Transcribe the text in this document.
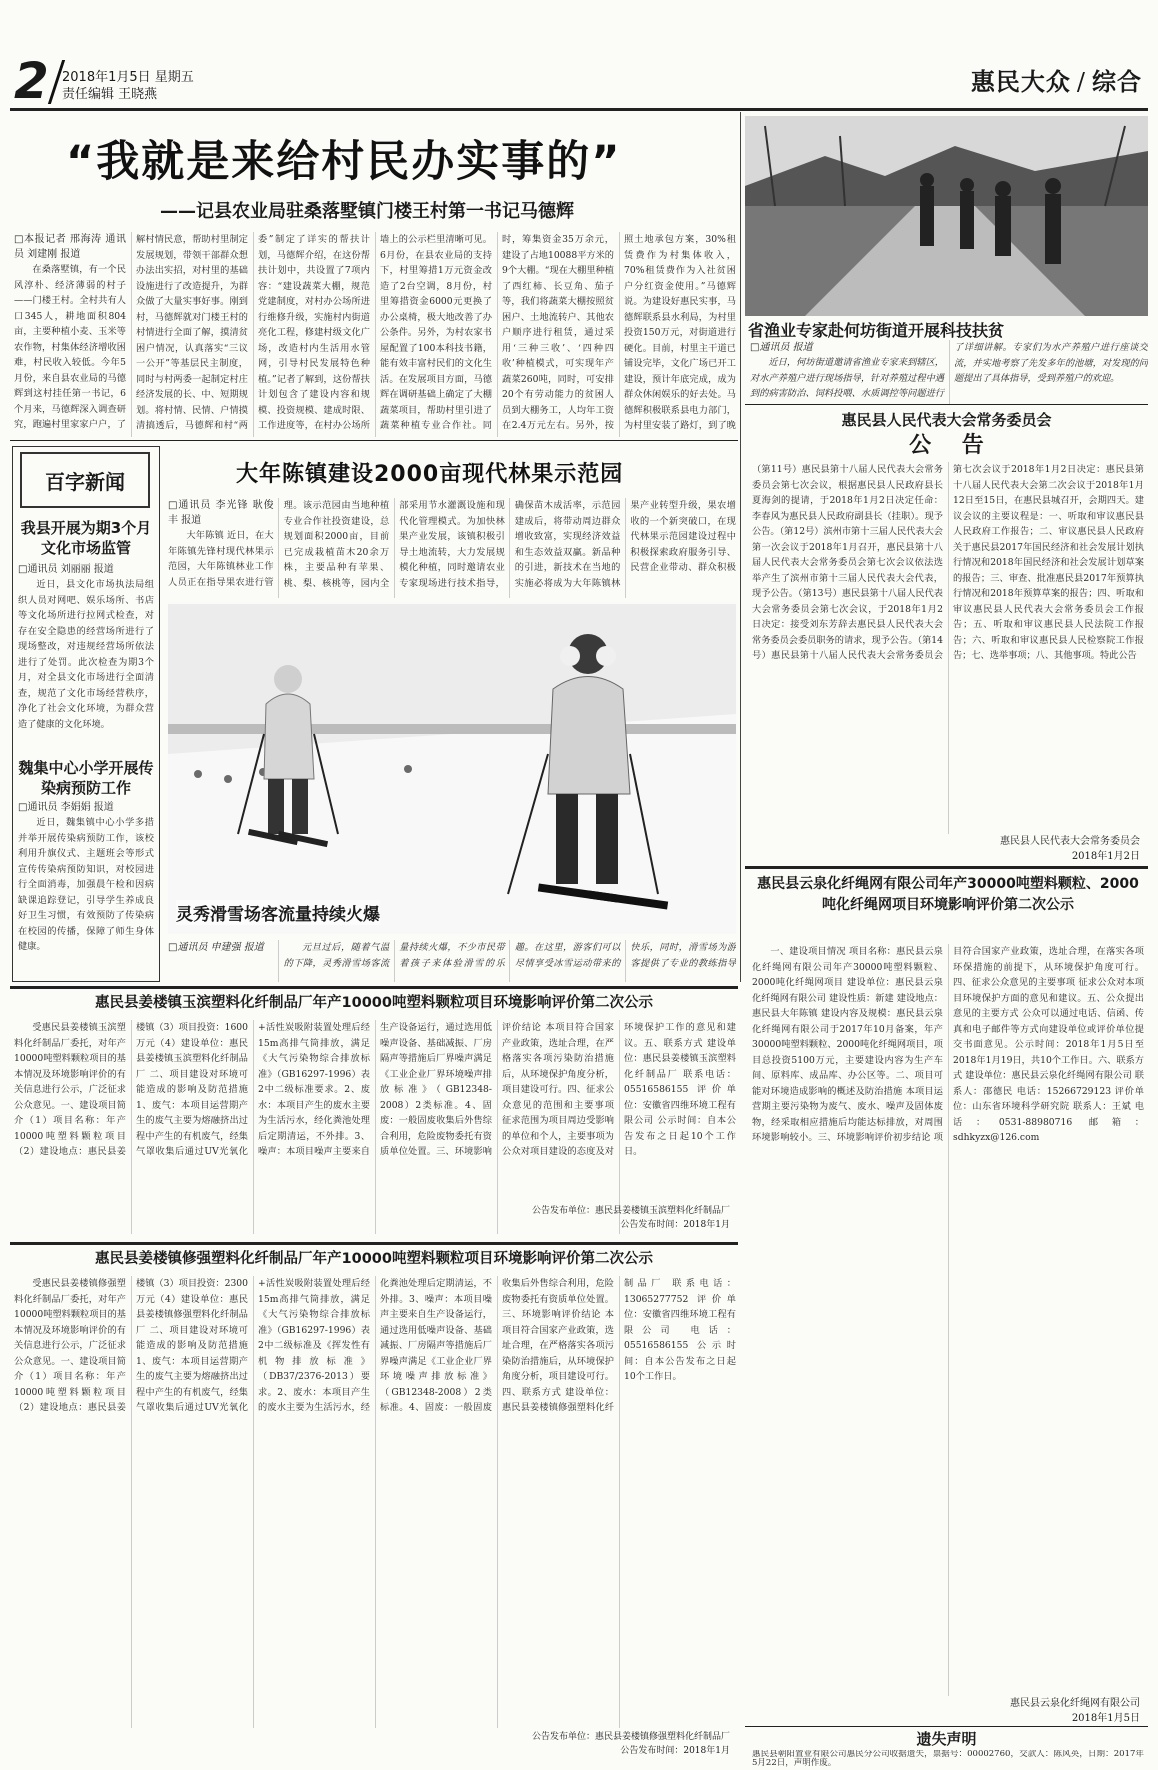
2 2018年1月5日 星期五
责任编辑 王晓燕	惠民大众 / 综合
“我就是来给村民办实事的”
——记县农业局驻桑落墅镇门楼王村第一书记马德辉
□本报记者 邢海涛 通讯员 刘建刚 报道

在桑落墅镇，有一个民风淳朴、经济薄弱的村子——门楼王村。全村共有人口345人，耕地面积804亩，主要种植小麦、玉米等农作物，村集体经济增收困难，村民收入较低。今年5月份，来自县农业局的马德辉到这村挂任第一书记，6个月来，马德辉深入调查研究，跑遍村里家家户户，了解村情民意，帮助村里制定发展规划，带领干部群众想办法出实招，对村里的基础设施进行了改造提升，为群众做了大量实事好事。刚到村，马德辉就对门楼王村的村情进行全面了解，摸清贫困户情况，认真落实“三议一公开”等基层民主制度，同时与村两委一起制定村庄经济发展的长、中、短期规划。将村情、民情、户情摸清搞透后，马德辉和村“两委”制定了详实的帮扶计划，马德辉介绍，在这份帮扶计划中，共设置了7项内容：“建设蔬菜大棚，规范党建制度，对村办公场所进行维修升级，实施村内街道亮化工程，修建村级文化广场，改造村内生活用水管网，引导村民发展特色种植。”记者了解到，这份帮扶计划包含了建设内容和规模、投资规模、建成时限、工作进度等，在村办公场所墙上的公示栏里清晰可见。6月份，在县农业局的支持下，村里筹措1万元资金改造了2台空调，8月份，村里筹措资金6000元更换了办公桌椅，极大地改善了办公条件。另外，为村农家书屋配置了100本科技书籍，能有效丰富村民们的文化生活。在发展项目方面，马德辉在调研基础上确定了大棚蔬菜项目，帮助村里引进了蔬菜种植专业合作社。同时，筹集资金35万余元，建设了占地10088平方米的9个大棚。“现在大棚里种植了西红柿、长豆角、茄子等，我们将蔬菜大棚按照贫困户、土地流转户、其他农户顺序进行租赁，通过采用‘三种三收’、‘四种四收’种植模式，可实现年产蔬菜260吨，同时，可安排20个有劳动能力的贫困人员到大棚务工，人均年工资在2.4万元左右。另外，按照土地承包方案，30%租赁费作为村集体收入，70%租赁费作为入社贫困户分红资金使用。”马德辉说。为建设好惠民实事，马德辉联系县水利局，为村里投资150万元，对街道进行硬化。目前，村里主干道已铺设完毕，文化广场已开工建设，预计年底完成，成为群众休闲娱乐的好去处。马德辉积极联系县电力部门，为村里安装了路灯，到了晚

省渔业专家赴何坊街道开展科技扶贫
□通讯员 报道

近日，何坊街道邀请省渔业专家来到辖区，对水产养殖户进行现场指导，针对养殖过程中遇到的病害防治、饲料投喂、水质调控等问题进行了详细讲解。专家们为水产养殖户进行座谈交流，并实地考察了先发多年的池塘，对发现的问题提出了具体指导，受到养殖户的欢迎。

惠民县人民代表大会常务委员会
公    告

（第11号）惠民县第十八届人民代表大会常务委员会第七次会议，根据惠民县人民政府县长夏海剑的提请，于2018年1月2日决定任命：李春风为惠民县人民政府副县长（挂职）。现予公告。（第12号）滨州市第十三届人民代表大会第一次会议于2018年1月召开，惠民县第十八届人民代表大会常务委员会第七次会议依法选举产生了滨州市第十三届人民代表大会代表，现予公告。（第13号）惠民县第十八届人民代表大会常务委员会第七次会议，于2018年1月2日决定：接受刘东芳辞去惠民县人民代表大会常务委员会委员职务的请求，现予公告。（第14号）惠民县第十八届人民代表大会常务委员会第七次会议于2018年1月2日决定：惠民县第十八届人民代表大会第二次会议于2018年1月12日至15日，在惠民县城召开，会期四天。建议会议的主要议程是：一、听取和审议惠民县人民政府工作报告；二、审议惠民县人民政府关于惠民县2017年国民经济和社会发展计划执行情况和2018年国民经济和社会发展计划草案的报告；三、审查、批准惠民县2017年预算执行情况和2018年预算草案的报告；四、听取和审议惠民县人民代表大会常务委员会工作报告；五、听取和审议惠民县人民法院工作报告；六、听取和审议惠民县人民检察院工作报告；七、选举事项；八、其他事项。特此公告

惠民县人民代表大会常务委员会
2018年1月2日
惠民县云泉化纤绳网有限公司年产30000吨塑料颗粒、2000吨化纤绳网项目环境影响评价第二次公示

一、建设项目情况 项目名称：惠民县云泉化纤绳网有限公司年产30000吨塑料颗粒、2000吨化纤绳网项目 建设单位：惠民县云泉化纤绳网有限公司 建设性质：新建 建设地点：惠民县大年陈镇 建设内容及规模：惠民县云泉化纤绳网有限公司于2017年10月备案，年产30000吨塑料颗粒、2000吨化纤绳网项目，项目总投资5100万元，主要建设内容为生产车间、原料库、成品库、办公区等。二、项目可能对环境造成影响的概述及防治措施 本项目运营期主要污染物为废气、废水、噪声及固体废物，经采取相应措施后均能达标排放，对周围环境影响较小。三、环境影响评价初步结论 项目符合国家产业政策，选址合理，在落实各项环保措施的前提下，从环境保护角度可行。四、征求公众意见的主要事项 征求公众对本项目环境保护方面的意见和建议。五、公众提出意见的主要方式 公众可以通过电话、信函、传真和电子邮件等方式向建设单位或评价单位提交书面意见。公示时间：2018年1月5日至2018年1月19日，共10个工作日。六、联系方式 建设单位：惠民县云泉化纤绳网有限公司 联系人：邵德民 电话：15266729123 评价单位：山东省环境科学研究院 联系人：王斌 电话：0531-88980716 邮箱：sdhkyzx@126.com

惠民县云泉化纤绳网有限公司
2018年1月5日
遗失声明
惠民县朝阳置业有限公司惠民分公司收据遗失，票据号：00002760，交款人：陈风英，日期：2017年5月22日，声明作废。
百字新闻
我县开展为期3个月文化市场监管
□通讯员 刘丽丽 报道

近日，县文化市场执法局组织人员对网吧、娱乐场所、书店等文化场所进行拉网式检查，对存在安全隐患的经营场所进行了现场整改，对违规经营场所依法进行了处罚。此次检查为期3个月，对全县文化市场进行全面清查，规范了文化市场经营秩序，净化了社会文化环境，为群众营造了健康的文化环境。

魏集中心小学开展传染病预防工作
□通讯员 李娟娟 报道

近日，魏集镇中心小学多措并举开展传染病预防工作，该校利用升旗仪式、主题班会等形式宣传传染病预防知识，对校园进行全面消毒，加强晨午检和因病缺课追踪登记，引导学生养成良好卫生习惯，有效预防了传染病在校园的传播，保障了师生身体健康。

大年陈镇建设2000亩现代林果示范园
□通讯员 李光锋 耿俊丰 报道

大年陈镇 近日，在大年陈镇先锋村现代林果示范园，大年陈镇林业工作人员正在指导果农进行管理。该示范园由当地种植专业合作社投资建设，总规划面积2000亩，目前已完成栽植苗木20余万株，主要品种有苹果、桃、梨、核桃等，园内全部采用节水灌溉设施和现代化管理模式。为加快林果产业发展，该镇积极引导土地流转，大力发展规模化种植，同时邀请农业专家现场进行技术指导，确保苗木成活率，示范园建成后，将带动周边群众增收致富，实现经济效益和生态效益双赢。新品种的引进，新技术在当地的实施必将成为大年陈镇林果产业转型升级，果农增收的一个新突破口，在现代林果示范园建设过程中积极探索政府服务引导、民营企业带动、群众积极

灵秀滑雪场客流量持续火爆
□通讯员 申建强 报道	元旦过后，随着气温的下降，灵秀滑雪场客流量持续火爆，不少市民带着孩子来体验滑雪的乐趣。在这里，游客们可以尽情享受冰雪运动带来的快乐，同时，滑雪场为游客提供了专业的教练指导

惠民县姜楼镇玉滨塑料化纤制品厂年产10000吨塑料颗粒项目环境影响评价第二次公示

受惠民县姜楼镇玉滨塑料化纤制品厂委托，对年产10000吨塑料颗粒项目的基本情况及环境影响评价的有关信息进行公示，广泛征求公众意见。一、建设项目简介（1）项目名称：年产10000吨塑料颗粒项目（2）建设地点：惠民县姜楼镇（3）项目投资：1600万元（4）建设单位：惠民县姜楼镇玉滨塑料化纤制品厂 二、项目建设对环境可能造成的影响及防范措施 1、废气：本项目运营期产生的废气主要为熔融挤出过程中产生的有机废气，经集气罩收集后通过UV光氧化+活性炭吸附装置处理后经15m高排气筒排放，满足《大气污染物综合排放标准》（GB16297-1996）表2中二级标准要求。2、废水：本项目产生的废水主要为生活污水，经化粪池处理后定期清运，不外排。3、噪声：本项目噪声主要来自生产设备运行，通过选用低噪声设备、基础减振、厂房隔声等措施后厂界噪声满足《工业企业厂界环境噪声排放标准》（GB12348-2008）2类标准。4、固废：一般固废收集后外售综合利用，危险废物委托有资质单位处置。三、环境影响评价结论 本项目符合国家产业政策，选址合理，在严格落实各项污染防治措施后，从环境保护角度分析，项目建设可行。四、征求公众意见的范围和主要事项 征求范围为项目周边受影响的单位和个人，主要事项为公众对项目建设的态度及对环境保护工作的意见和建议。五、联系方式 建设单位：惠民县姜楼镇玉滨塑料化纤制品厂 联系电话：05516586155 评价单位：安徽省四维环境工程有限公司 公示时间：自本公告发布之日起10个工作日。

公告发布单位：惠民县姜楼镇玉滨塑料化纤制品厂
公告发布时间：2018年1月
惠民县姜楼镇修强塑料化纤制品厂年产10000吨塑料颗粒项目环境影响评价第二次公示

受惠民县姜楼镇修强塑料化纤制品厂委托，对年产10000吨塑料颗粒项目的基本情况及环境影响评价的有关信息进行公示，广泛征求公众意见。一、建设项目简介（1）项目名称：年产10000吨塑料颗粒项目（2）建设地点：惠民县姜楼镇（3）项目投资：2300万元（4）建设单位：惠民县姜楼镇修强塑料化纤制品厂 二、项目建设对环境可能造成的影响及防范措施 1、废气：本项目运营期产生的废气主要为熔融挤出过程中产生的有机废气，经集气罩收集后通过UV光氧化+活性炭吸附装置处理后经15m高排气筒排放，满足《大气污染物综合排放标准》（GB16297-1996）表2中二级标准及《挥发性有机物排放标准》（DB37/2376-2013）要求。2、废水：本项目产生的废水主要为生活污水，经化粪池处理后定期清运，不外排。3、噪声：本项目噪声主要来自生产设备运行，通过选用低噪声设备、基础减振、厂房隔声等措施后厂界噪声满足《工业企业厂界环境噪声排放标准》（GB12348-2008）2类标准。4、固废：一般固废收集后外售综合利用，危险废物委托有资质单位处置。三、环境影响评价结论 本项目符合国家产业政策，选址合理，在严格落实各项污染防治措施后，从环境保护角度分析，项目建设可行。四、联系方式 建设单位：惠民县姜楼镇修强塑料化纤制品厂 联系电话：13065277752 评价单位：安徽省四维环境工程有限公司 电话：05516586155 公示时间：自本公告发布之日起10个工作日。

公告发布单位：惠民县姜楼镇修强塑料化纤制品厂
公告发布时间：2018年1月
